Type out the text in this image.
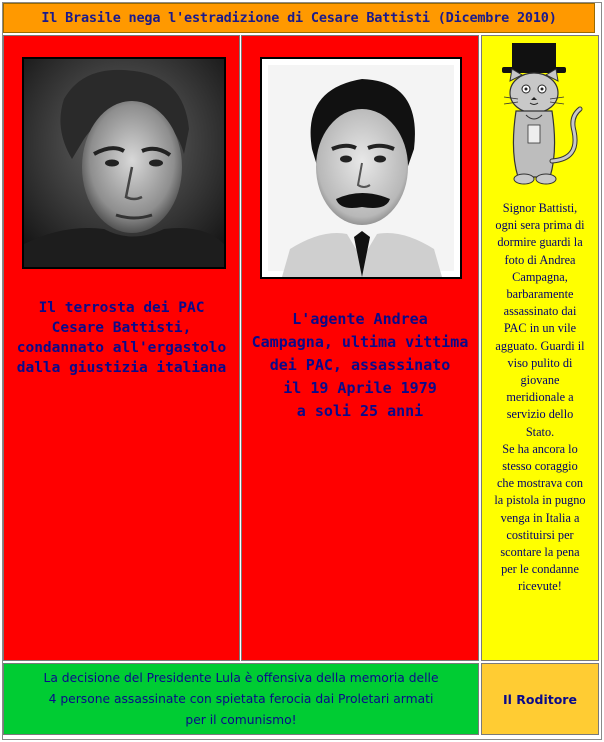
Il Brasile nega l'estradizione di Cesare Battisti (Dicembre 2010)
Il terrosta dei PAC
Cesare Battisti,
condannato all'ergastolo
dalla giustizia italiana
L'agente Andrea
Campagna, ultima vittima
dei PAC, assassinato
il 19 Aprile 1979
a soli 25 anni
Signor Battisti,
ogni sera prima di
dormire guardi la
foto di Andrea
Campagna,
barbaramente
assassinato dai
PAC in un vile
agguato. Guardi il
viso pulito di
giovane
meridionale a
servizio dello
Stato.
Se ha ancora lo
stesso coraggio
che mostrava con
la pistola in pugno
venga in Italia a
costituirsi per
scontare la pena
per le condanne
ricevute!
La decisione del Presidente Lula è offensiva della memoria delle
4 persone assassinate con spietata ferocia dai Proletari armati
per il comunismo!
Il Roditore
